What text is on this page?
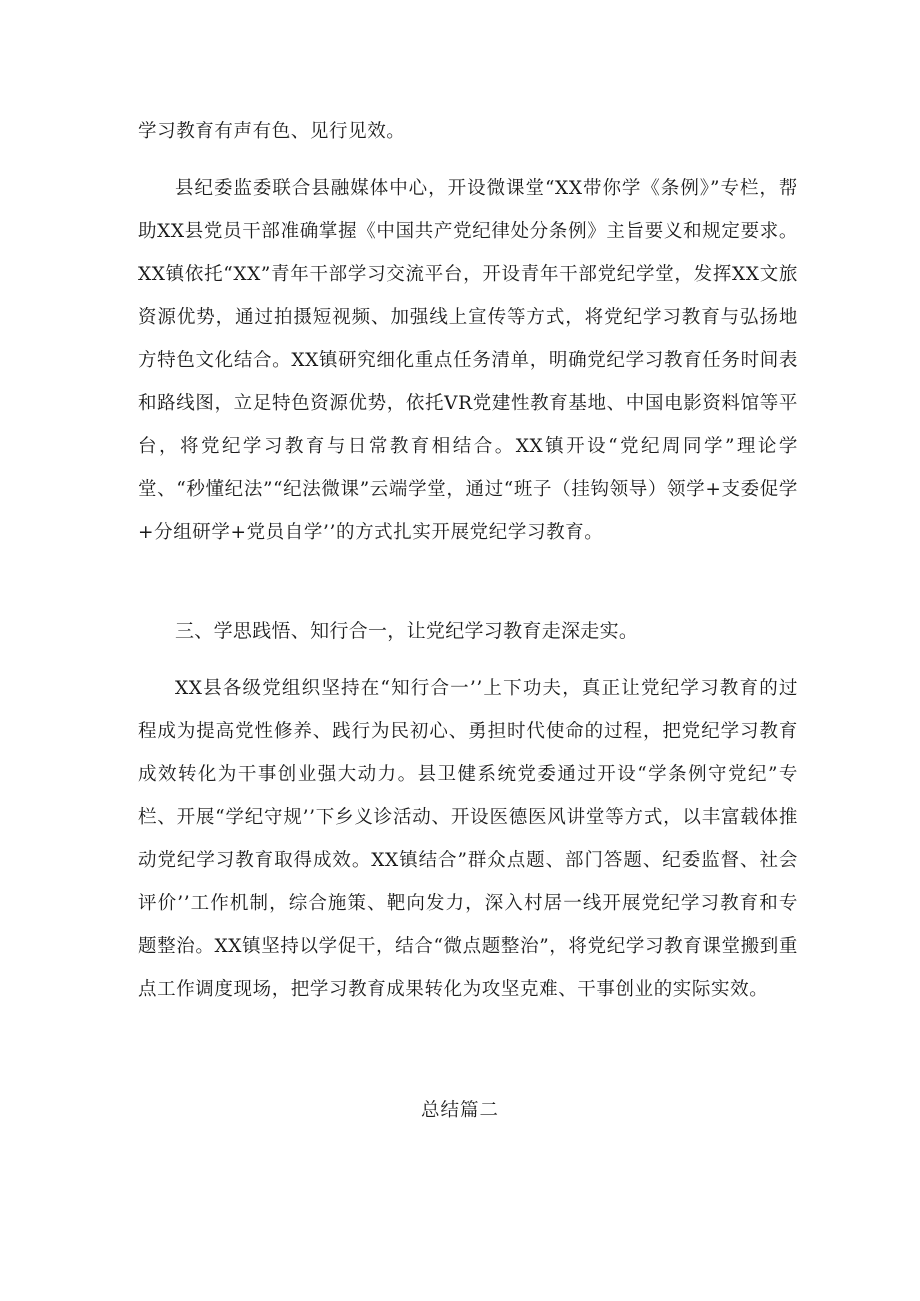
学习教育有声有色、见行见效。

县纪委监委联合县融媒体中心，开设微课堂“XX带你学《条例》”专栏，帮助XX县党员干部准确掌握《中国共产党纪律处分条例》主旨要义和规定要求。XX镇依托“XX”青年干部学习交流平台，开设青年干部党纪学堂，发挥XX文旅资源优势，通过拍摄短视频、加强线上宣传等方式，将党纪学习教育与弘扬地方特色文化结合。XX镇研究细化重点任务清单，明确党纪学习教育任务时间表和路线图，立足特色资源优势，依托VR党建性教育基地、中国电影资料馆等平台，将党纪学习教育与日常教育相结合。XX镇开设“党纪周同学”理论学堂、“秒懂纪法”“纪法微课”云端学堂，通过“班子（挂钩领导）领学+支委促学+分组研学+党员自学’’的方式扎实开展党纪学习教育。

三、学思践悟、知行合一，让党纪学习教育走深走实。

XX县各级党组织坚持在“知行合一’’上下功夫，真正让党纪学习教育的过程成为提高党性修养、践行为民初心、勇担时代使命的过程，把党纪学习教育成效转化为干事创业强大动力。县卫健系统党委通过开设“学条例守党纪”专栏、开展“学纪守规’’下乡义诊活动、开设医德医风讲堂等方式，以丰富载体推动党纪学习教育取得成效。XX镇结合”群众点题、部门答题、纪委监督、社会评价’’工作机制，综合施策、靶向发力，深入村居一线开展党纪学习教育和专题整治。XX镇坚持以学促干，结合“微点题整治”，将党纪学习教育课堂搬到重点工作调度现场，把学习教育成果转化为攻坚克难、干事创业的实际实效。

总结篇二
